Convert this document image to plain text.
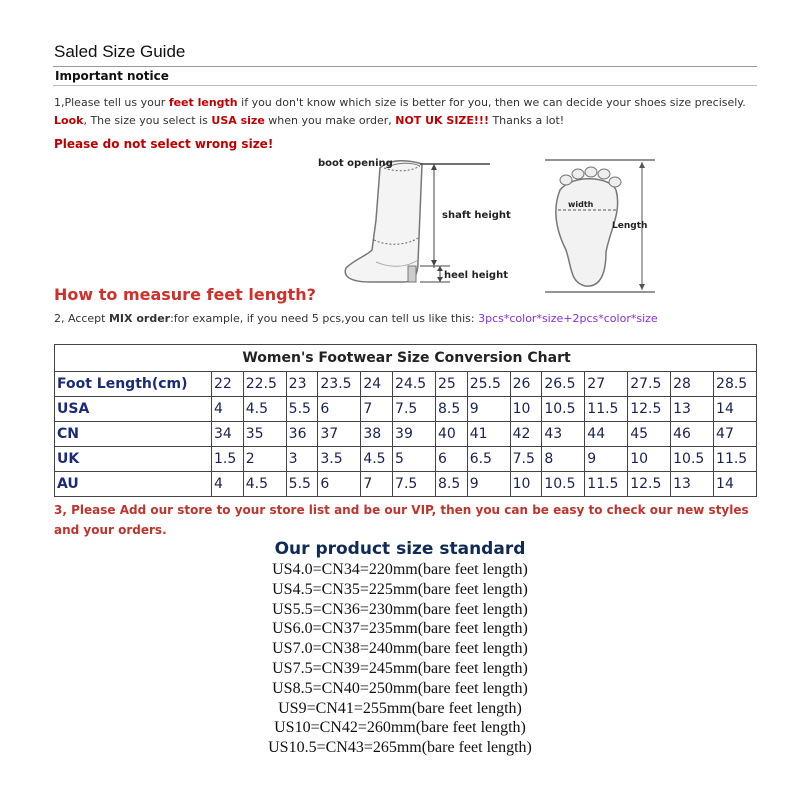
Saled Size Guide
Important notice
1,Please tell us your feet length if you don't know which size is better for you, then we can decide your shoes size precisely.
Look, The size you select is USA size when you make order, NOT UK SIZE!!! Thanks a lot!
Please do not select wrong size!
boot opening
shaft height
heel height
width
Length
How to measure feet length?
2, Accept MIX order:for example, if you need 5 pcs,you can tell us like this: 3pcs*color*size+2pcs*color*size
Women's Footwear Size Conversion Chart														
Foot Length(cm)	22	22.5	23	23.5	24	24.5	25	25.5	26	26.5	27	27.5	28	28.5
USA	4	4.5	5.5	6	7	7.5	8.5	9	10	10.5	11.5	12.5	13	14
CN	34	35	36	37	38	39	40	41	42	43	44	45	46	47
UK	1.5	2	3	3.5	4.5	5	6	6.5	7.5	8	9	10	10.5	11.5
AU	4	4.5	5.5	6	7	7.5	8.5	9	10	10.5	11.5	12.5	13	14
3, Please Add our store to your store list and be our VIP, then you can be easy to check our new styles and your orders.
Our product size standard
US4.0=CN34=220mm(bare feet length)
US4.5=CN35=225mm(bare feet length)
US5.5=CN36=230mm(bare feet length)
US6.0=CN37=235mm(bare feet length)
US7.0=CN38=240mm(bare feet length)
US7.5=CN39=245mm(bare feet length)
US8.5=CN40=250mm(bare feet length)
US9=CN41=255mm(bare feet length)
US10=CN42=260mm(bare feet length)
US10.5=CN43=265mm(bare feet length)
